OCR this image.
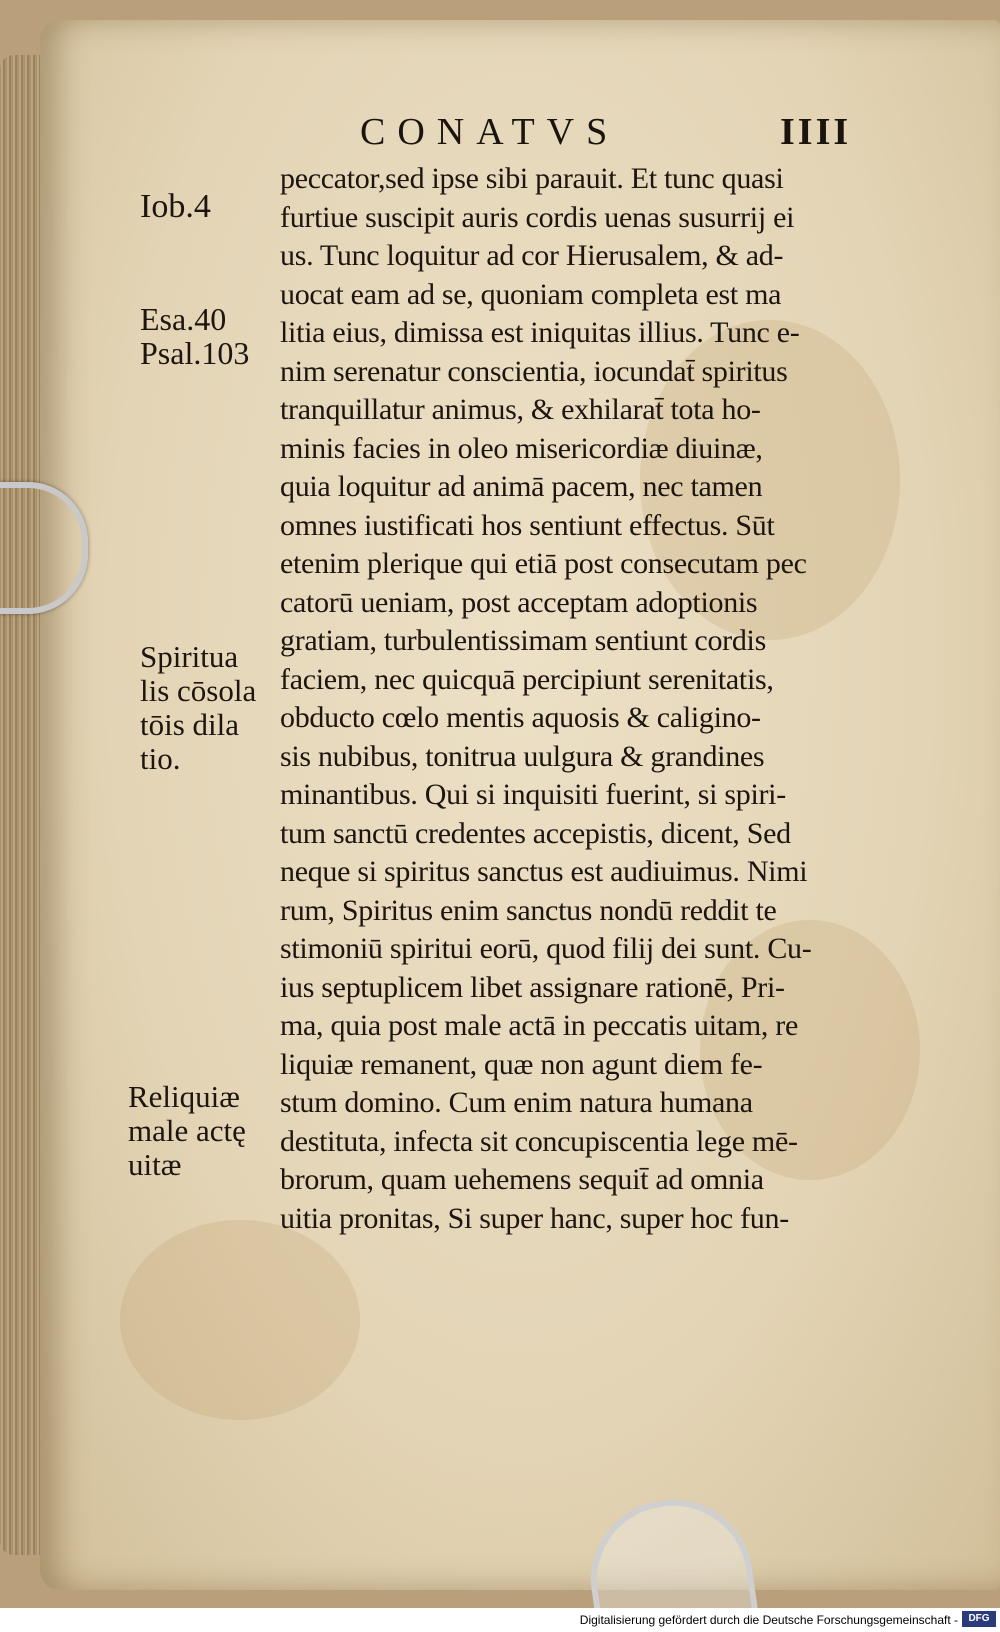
CONATVS	IIII
Iob.4
Esa.40
Psal.103
Spiritua
lis cōsola
tōis dila
tio.
Reliquiæ
male actę
uitæ
peccator,sed ipse sibi parauit. Et tunc quasi
furtiue suscipit auris cordis uenas susurrij ei
us. Tunc loquitur ad cor Hierusalem, & ad-
uocat eam ad se, quoniam completa est ma
litia eius, dimissa est iniquitas illius. Tunc e-
nim serenatur conscientia, iocundat̄ spiritus
tranquillatur animus, & exhilarat̄ tota ho-
minis facies in oleo misericordiæ diuinæ,
quia loquitur ad animā pacem, nec tamen
omnes iustificati hos sentiunt effectus. Sūt
etenim plerique qui etiā post consecutam pec
catorū ueniam, post acceptam adoptionis
gratiam, turbulentissimam sentiunt cordis
faciem, nec quicquā percipiunt serenitatis,
obducto cœlo mentis aquosis & caligino-
sis nubibus, tonitrua uulgura & grandines
minantibus. Qui si inquisiti fuerint, si spiri-
tum sanctū credentes accepistis, dicent, Sed
neque si spiritus sanctus est audiuimus. Nimi
rum, Spiritus enim sanctus nondū reddit te
stimoniū spiritui eorū, quod filij dei sunt. Cu-
ius septuplicem libet assignare rationē, Pri-
ma, quia post male actā in peccatis uitam, re
liquiæ remanent, quæ non agunt diem fe-
stum domino. Cum enim natura humana
destituta, infecta sit concupiscentia lege mē-
brorum, quam uehemens sequit̄ ad omnia
uitia pronitas, Si super hanc, super hoc fun-
Digitalisierung gefördert durch die Deutsche Forschungsgemeinschaft -	DFG
